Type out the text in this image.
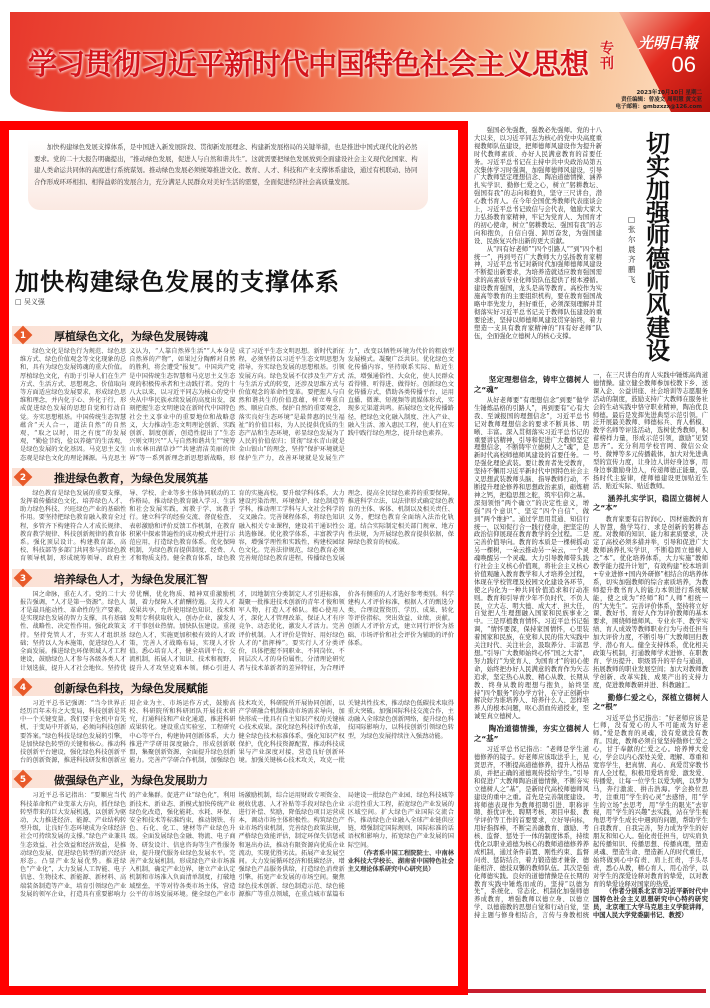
学习贯彻习近平新时代中国特色社会主义思想 专刊
光明日報
06
2023年10月10日 星期二
责任编辑：曾凌文 周明慧 黄文亚
电子邮箱：gmbzxzx@126.com
加快构建绿色发展支撑体系，是中国进入新发展阶段、贯彻新发展理念、构建新发展格局的关键举措，也是推进中国式现代化的必然要求。党的二十大报告明确提出，“推动绿色发展，促进人与自然和谐共生”。这就需要把绿色发展放到全面建设社会主义现代化国家、构建人类命运共同体的高度进行系统谋划。推动绿色发展必须统筹推进文化、教育、人才、科技和产业支撑体系建设，通过有机联动、协同合作形成环环相扣、相得益彰的发展合力，充分满足人民群众对美好生活的需要，全面促进经济社会高质量发展。
加快构建绿色发展的支撑体系
□ 吴义强
1	厚植绿色文化，为绿色发展铸魂

绿色文化是绿色行为规范、绿色思维方式、绿色价值观念等文化现象的总和，具有为绿色发展铸魂的重大价值。厚植绿色文化，有助于引导人们在生产方式、生活方式、思想观念、价值取向等方面适应绿色发展要求，形成绿色思维和理念，并内化于心、外化于行，形成促进绿色发展的思想自觉和行动自觉。夯实思想根基。中国传统生态智慧蕴含“天人合一，道法自然”的自然观，“取之以时，用之有度”的发展观，“勤俭节约，俭以养德”的生活观，是绿色发展的文化基因。马克思主义生态观是绿色文化的理论渊源。马克思主义认为，“人靠自然界生活”“人本身是自然界的产物”，如果过分陶醉对自然的胜利，将会遭受“报复”。中国共产党是中国传统生态智慧和马克思主义生态观的积极传承者和主动践行者。党的十八大以来，以习近平同志为核心的党中央从中华民族永续发展的高度出发，深刻把握生态文明建设在新时代中国特色社会主义事业中的重要地位和战略意义，大力推动生态文明理论创新、实践创新、制度创新，创造性提出了“生态兴则文明兴”“人与自然和谐共生”“统筹山水林田湖草沙”“共建清洁美丽的世界”等一系列新理念新思想新战略，形成了习近平生态文明思想。新时代新征程，必须坚持以习近平生态文明思想为指导，夯实绿色发展的思想根基。引领发展方向。绿色发展不仅涉及生产方式与生活方式的转变，还涉及思维方式与价值观念的革命性变革。要把握人与自然和谐共生的价值意蕴，树立尊重自然、顺应自然、保护自然的重要观念，落实良好生态环境“是最普惠的民生福祉”的价值目标，为人民提供优质的生态产品和生态环境，彰显绿色发展为了人民的价值依归；贯彻“绿水青山就是金山银山”的理念，坚持“保护环境就是保护生产力，改善环境就是发展生产力”，改变以牺牲环境为代价的粗放型发展模式。凝聚广泛共识。优化绿色文化传播内容，坚持联系实际、贴近生活，增强通俗性、大众化，使人民群众看得懂、听得进、做得好。创新绿色文化传播方式，借助各类传播平台，运用直播、微课、短视频等流媒体形式，实现多元渠道共鸣。拓展绿色文化传播路径，把绿色文化融入制度、注入产业、融入生活、渗入惠民工程，使人们在实践中践行绿色理念，提升绿色素养。

2	推进绿色教育，为绿色发展筑基

绿色教育是绿色发展的重要支撑，发挥着传播绿色文化、培养绿色人才、助力绿色科技、兴旺绿色产业的基础性作用。要坚持把绿色教育融入教育全过程，多管齐下构建符合人才成长规律、教育教学规律、科技创新规律的教育体系。强化顶层设计。构建教育部、高校、科技部等多部门共同参与的绿色教育领导机制，形成统筹领导、政府主导、学校、企业等多主体协同联动的工作格局，推动绿色教育融入学习、生活和社会发展实践，寓教于学、寓教于行。建立科学的经验交流、督促检查、表彰激励和评价反馈工作机制，在教育积累中探索普遍性的成功模式并进行示范应用，打造绿色教育体系。优化保障机制，为绿色教育提供制度、经费、人才和物质支持。健全教育体系，绿色教育的实施高校。要升级学科体系，大力建设污染治理、环境保护、绿色制造等学科，推动理工学科与人文社会科学的交叉融合。完善课程体系，将绿色知识融入相关专业课程，建设若干通识性公共选修课。优化教学体系，丰富教学内容，增强学理性和实践性，构建校园绿色文化。完善法律规范，绿色教育必须完善规范绿色教育进程，传播绿色发展理念、提高全民绿色素养的重要保障。推进科学立法，以法律形式确定绿色教育的主体、客体、机制以及相关责任、义务，把绿色教育全面纳入法治化轨道。结合实际制定相关部门规章、地方性法规，为开展绿色教育提供依据，保障绿色教育的权威。

3	培养绿色人才，为绿色发展汇智

国之命脉，重在人才。党的二十大报告强调，“人才是第一资源”。绿色人才是最具能动性、革命性的生产要素，是实现绿色发展的智力支撑，具有基础性、战略性、决定性作用。强化政策支持。坚持党管人才，夯实人才组织基础；坚持以人为本施策，促进绿色人才全面发展。推进绿色环保领域人才工程建设，鼓励绿色人才参与各级各类人才计划选拔，提升人才社会地位。坚持优劳优酬，优化物质、精神双重激励机制，着力保障人才薪酬待遇。支持人才成果共享，允许使用绿色知识、技术和发明专利获取收入，创办企业，激发人才干事创业热情。加快队伍建设。重视绿色人才，实施更加积极有效的人才政策，完善人才战略布局，实现人才价值。悉心培育人才，健全培训平台、交流机制，拓展人才知识、技术和视野，提升人才攻坚克难本领。倾心引进人才，因地制宜分类制定人才引进标准，凝聚一批推进技术创新的青年才俊和领军人物，打造人才梯队。精心使用人才，深化人才管理改革，保证人才有序竞争、动态优化，激发人才活力。完善评价机制。人才评价是管好、用好绿色人才的“指挥棒”。要实行人才分类评价，具体把握不同职业、不同岗位、不同层次人才的身份属性，分清理论研究者与技术革新者的差异特征，为合理评价各有侧重的人才选好参考类别。科学建构人才评价标准，根据人才的甄选分类，合理设置资历、学历、成果、转化等评价指标，突出效益、业绩、贡献。创新人才评价方式，建立同行评价为基础、市场评价和社会评价为辅助的评价体系。

4	创新绿色科技，为绿色发展赋能

习近平总书记强调：“当今世界正经历百年未有之大变局，科技创新是其中一个关键变量。我们要于危机中育先机、于变局中开新局，必须向科技创新要答案。”绿色科技是绿色发展的引擎，是加快绿色转型的关键和核心。推动科技创新平台建设，强化绿色科技创新平台的创新资源，推进科技研发和创新应用企业为主、市场运作方式，鼓励高校、科研院所和科研团队开展技术研究，打通科技和产业化通道，推进科研成果转化。建设重点实验室、工程研究中心等平台，构建协同创新体系，大力推进产学研用深度融合，形成创新联盟，集聚创新资源，全面提升绿色创新能力。完善产学研合作机制，加强绿色技术攻关，科研院所开展协同创新，以产学研融合机制推动市场需求导向，加快形成一批具有自主知识产权的关键核心技术成果。深化绿色科技评价改革，健全绿色技术标准体系，强化知识产权保护，优化科技资源配置，推动科技成果与产业深度对接，营造良好创新环境。加强关键核心技术攻关，攻克一批关键共性技术，推动绿色低碳技术取得重大突破。加强国际科技交流合作，主动融入全球绿色创新网络，提升绿色科技国际影响力，以科技创新引领绿色转型，为绿色发展持续注入强劲动能。

5	做强绿色产业，为绿色发展助力

习近平总书记指出：“要顺应当代科技革命和产业变革大方向，抓住绿色转型带来的巨大发展机遇，以创新为驱动，大力推进经济、能源、产业结构转型升级，让良好生态环境成为全球经济社会可持续发展的支撑。”绿色产业兼具生态效益、社会效益和经济效益，是推动绿色发展、促进绿色转型的新兴经济形态。凸显产业发展优势。推进绿色“产业化”，大力发展人工智能、电子信息、生物技术、新能源、新材料、高端装备制造等产业，培育引领绿色产业发展的领军企业，打造具有重要影响力的产业集群。促进产业“绿色化”，利用新技术、新业态、新模式加快传统产业绿色化改造，强化能耗、水耗、环保、安全和技术等标准约束，推动钢铁、有色、石化、化工、建材等产业绿色升级。全面发展绿色金融、物流、电子商务、研发设计、信息咨询等生产性服务业，提升现代服务业绿色发展水平。完善产业发展机制。形成绿色产业市场准入机制，确定产业边界，建立产业认定机制和市场准入负面清单制度，打破地域壁垒，平等对待各类市场主体，营造公平的市场发展环境。健全绿色产业市场激励机制，综合运用财政专项资金、税收优惠、人才补贴等手段对绿色企业进行补偿、奖励，降低绿色项目运营成本，调动市场主体积极性。构筑绿色产业市场约束机制，完善绿色政策法规，严格绿色效能评估，制定环保失信惩戒和退出办法，推动有限资源向优质企业流动，实现优胜劣汰。拓展产业发展空间。大力发展循环经济和低碳经济，增强绿色产品服务供给，打造绿色消费新引擎，拓宽产业发展的市场空间。聚焦绿色技术创新、绿色制造示范、绿色能源推广等重点领域，在重点城市谋篇布局建设一批绿色产业园、绿色科技城等示范性重大工程，拓宽绿色产业发展的区域空间。扩大绿色产业国际交流合作，推动绿色企业融入全球产业链供应链，增强制定国际规则、国际标准的话语权和影响力，拓宽绿色产业发展的国际空间。

（作者系中国工程院院士、中南林业科技大学校长、湖南省中国特色社会主义理论体系研究中心研究员）

强国必先强教，强教必先强师。党的十八大以来，以习近平同志为核心的党中央高度重视教师队伍建设，把师德师风建设作为提升新时代教师素质、办好人民满意教育的首要任务。习近平总书记在主持中共中央政治局第五次集体学习时强调，加强师德师风建设，引导广大教师坚定理想信念、陶冶道德情操、涵养扎实学识、勤修仁爱之心，树立“躬耕教坛、强国有我”的志向和抱负，坚守三尺讲台，潜心教书育人。在今年全国优秀教师代表座谈会上，习近平总书记致信与会代表，勉励大家大力弘扬教育家精神，牢记为党育人、为国育才的初心使命，树立“躬耕教坛、强国有我”的志向和抱负，自信自强、踔厉奋发，为强国建设、民族复兴作出新的更大贡献。

从“四有好老师”“四个引路人”“到”四个相统一”，再到号召广大教师大力弘扬教育家精神，习近平总书记对新时代加强师德师风建设不断提出新要求，为培养造就适应教育强国需求的高素质专业化师资队伍提供了根本遵循。建设教育强国，龙头是高等教育。高校作为实施高等教育的主要组织机构，要在教育强国战略中率先发力，担好重任，必须深刻理解并贯彻落实好习近平总书记关于教师队伍建设的重要论述，坚持以师德师风建设贯穿始终，着力塑造一支具有教育家精神的“四有好老师”队伍，全面强化立德树人的核心支撑。

切实加强师德师风建设
□ 张尔晨 齐鹏飞
坚定理想信念，铸牢立德树人之“魂”

从好老师要“有理想信念”到要“做学生锤炼品格的引路人”，再到要有“心有大我、至诚报国的理想信念”，习近平总书记对教师理想信念的要求不断具体、明晰、丰富。深入贯彻落实习近平总书记的重要讲话精神，引导和促进广大教师坚定理想信念，不断铸牢立德树人之“魂”，是新时代高校师德师风建设的首要任务。一是强化理论武装。要让教育者先受教育，坚持不懈用习近平新时代中国特色社会主义思想武装教师头脑、指导教师行动，不断提升理论修养和思想政治素质，砺炼精神之钙，把稳思想之舵，筑牢信仰之基。深刻领悟“两个确立”的决定性意义，增强“四个意识”、坚定“四个自信”、做到“两个维护”。通过学思用贯通、知信行统一，以知促行合一践行使命，把坚定的政治信仰展现在教育教学的全过程。二是完善价值导向。教育的本质是一棵树摇动另一棵树，一朵云推动另一朵云，一个灵魂唤醒另一个灵魂。大力引导教师带头践行社会主义核心价值观，将社会主义核心价值观融入教育教学和人才培养全过程，体现在学校管理及校园文化建设各环节，使之内化为一种共同价值追求和行动准则。教育和引导青少年不负时代、不负人民，立大志、明大德、成大才、担大任，自觉把人生理想融入国家和民族事业之中。三是厚植教育情怀。习近平总书记强调，“情怀要深，保持家国情怀，心里装着国家和民族，在党和人民的伟大实践中关注时代、关注社会，汲取养分、丰富思想。”引导广大教师始终心怀“国之大者”，努力践行“为党育人、为国育才”的初心使命，始终把办好人民满意的教育作为矢志追求，坚定热心从教、精心从教、长期从教、终身从教的理想与抱负，始终坚持“四个服务”的办学方针，在守正创新中解决好为谁培养人、培养什么人、怎样培养人的根本问题，呕心沥血传道授业，至诚至真立德树人。

陶冶道德情操，夯实立德树人之“基”

习近平总书记指出：“老师是学生道德修养的镜子。好老师应该取法乎上，见贤思齐，不断提高道德修养，提升人格品质，并把正确的道德观传授给学生。”引导和促进广大教师陶冶道德情操，不断夯实立德树人之“基”，是新时代高校师德师风建设的重中之重。首先是完善制度建设。将师德表现作为教师招聘引进、职称评聘、推优评先、聘期考核、项目申报、教学评价等工作的首要要求，立好导向标，用好指挥棒，不断完善融教育、激励、考核、监督、惩处于一体的制度体系，持续优化以职业道德为核心的教师道德修养养成机制，通过条件前置、刚性约束、监督问责、惩防结合，着力锻造德才兼备、德能相济、德技双馨的教师队伍。其次是强化师德实践。良好的道德情操是在长期的教育实践中锤炼而成的。坚持“以德为先”，系统化、常态化、机制化加强师德养成教育，增强教师以德立身、以德立学、以德施教的思想自觉和行动自觉，坚持主题与修身相结合，言传与身教相统一，在三尺讲台的育人实践中锤炼高尚道德情操。建立健全教师参加校教下乡、送课入企、公益讲座、社会培训等志愿服务活动的制度，鼓励支持广大教师在服务社会的生动实践中恪守职业精神，陶冶优良师德。最后是发挥先进典型示范引领。广泛开展最美教师、师德标兵、育人楷模、教学名师等评选活动，选树优秀教师，积蓄榜样力量，形成示范引领，激励“见贤思齐”。充分利用学校官网、微信公众号、微博等多元传播载体，加大对先进典型的宣传力度，让身边人讲好身边事，用身边事激励身边人，传递师德正能量，弘扬时代主旋律，使师德建设更加贴近生活、贴近实际、贴近教师。

涵养扎实学识，稳固立德树人之“本”

教育家要有启智润心、因材施教的育人智慧，勤学笃行、求是创新的躬耕态度。对教师的知识、能力和素质要求，决定了高校必须多措并举，引导和促进广大教师涵养扎实学识，不断稳固立德树人之“本”。优化培养体系，大力实施“教师教学能力提升计划”，有效构建“校本培训+专业进修+国内外研修”相结合的培养体系，切实加强教师的综合素质培养，为教师提升教书育人的能力本领进行系统赋能，使之成为“经师”和“人师”相统一的“大先生”。完善评价体系，坚持将立好课、教好书、育好人作为评价教师的基本要求，围绕师德师风、专业水平、教学实绩、育人成效等教师职业行为与责任担当加大评价力度，不断引导广大教师回归教学、潜心育人。健全支持体系，优化相关政策与机制，打通教师学术进修、在职教育、学历提升、职级晋升的平台与通道，拓展教师的职业发展空间；加大对教师教学创新、改革实践、成果产出的支持力度，促进教师教研并进、科教融汇。

勤修仁爱之心，深植立德树人之“根”

习近平总书记指出：“好老师应该是仁师，没有爱心的人不可能成为好老师。”爱是教育的灵魂，没有爱就没有教育。因此，教师必须自觉坚持勤修仁爱之心，甘于奉献的仁爱之心。培养博大爱心，学会以内心深处关爱、理解、尊重和宽容学生，把真情、真心、真爱贯穿教书育人全过程，积极用爱培育爱、激发爱、传播爱，让每一位学生以爱为帆，以梦为马，奔行激流、拼击浩海。学会换位思考，注重用“学生的心灵”去感悟，用“学生的立场”去思考，用“学生的眼光”去审视，用“学生的兴趣”去实践，站在学生视角思考学生成长中遇到的问题，帮助学生自我教育、自我完善，努力成为学生的好朋友和知心人。强化责任担当，切实肩负起传播知识、传播思想、传播真理，塑造灵魂、塑造生命、塑造新人的时代重任，始终做到心中有责、肩上扛责，手头尽责，悉心从教，精心育人，用心治学，以对学生的深爱诠释对教育的挚爱，以对教育的挚爱诠释对国家的热爱。

（作者分别系北京市习近平新时代中国特色社会主义思想研究中心特约研究员，北京理工大学马克思主义学院讲师，中国人民大学党委副书记、教授）
